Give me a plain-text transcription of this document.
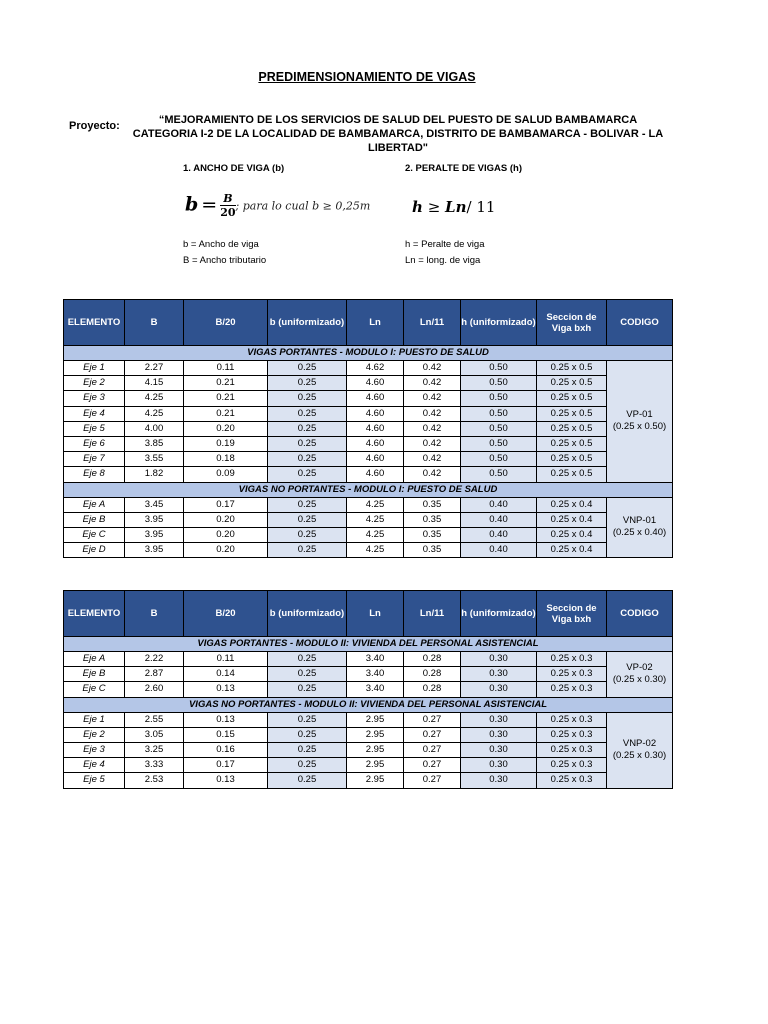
PREDIMENSIONAMIENTO DE VIGAS
Proyecto:	“MEJORAMIENTO DE LOS SERVICIOS DE SALUD DEL PUESTO DE SALUD BAMBAMARCA CATEGORIA I-2 DE LA LOCALIDAD DE BAMBAMARCA, DISTRITO DE BAMBAMARCA - BOLIVAR - LA LIBERTAD"
1. ANCHO DE VIGA (b)	2. PERALTE DE VIGAS (h)
$b = \frac{B}{20}$ ; para lo cual b ≥ 0,25m	h ≥ Ln/ 11
b = Ancho de viga
B = Ancho tributario
h = Peralte de viga
Ln = long. de viga
ELEMENTO	B	B/20	b (uniformizado)	Ln	Ln/11	h (uniformizado)	Seccion de Viga bxh	CODIGO
VIGAS PORTANTES - MODULO I: PUESTO DE SALUD								
Eje 1	2.27	0.11	0.25	4.62	0.42	0.50	0.25 x 0.5	VP-01
(0.25 x 0.50)
Eje 2	4.15	0.21	0.25	4.60	0.42	0.50	0.25 x 0.5	
Eje 3	4.25	0.21	0.25	4.60	0.42	0.50	0.25 x 0.5	
Eje 4	4.25	0.21	0.25	4.60	0.42	0.50	0.25 x 0.5	
Eje 5	4.00	0.20	0.25	4.60	0.42	0.50	0.25 x 0.5	
Eje 6	3.85	0.19	0.25	4.60	0.42	0.50	0.25 x 0.5	
Eje 7	3.55	0.18	0.25	4.60	0.42	0.50	0.25 x 0.5	
Eje 8	1.82	0.09	0.25	4.60	0.42	0.50	0.25 x 0.5	
VIGAS NO PORTANTES - MODULO I: PUESTO DE SALUD								
Eje A	3.45	0.17	0.25	4.25	0.35	0.40	0.25 x 0.4	VNP-01
(0.25 x 0.40)
Eje B	3.95	0.20	0.25	4.25	0.35	0.40	0.25 x 0.4	
Eje C	3.95	0.20	0.25	4.25	0.35	0.40	0.25 x 0.4	
Eje D	3.95	0.20	0.25	4.25	0.35	0.40	0.25 x 0.4	
ELEMENTO	B	B/20	b (uniformizado)	Ln	Ln/11	h (uniformizado)	Seccion de Viga bxh	CODIGO
VIGAS PORTANTES - MODULO II: VIVIENDA DEL PERSONAL ASISTENCIAL								
Eje A	2.22	0.11	0.25	3.40	0.28	0.30	0.25 x 0.3	VP-02
(0.25 x 0.30)
Eje B	2.87	0.14	0.25	3.40	0.28	0.30	0.25 x 0.3	
Eje C	2.60	0.13	0.25	3.40	0.28	0.30	0.25 x 0.3	
VIGAS NO PORTANTES - MODULO II: VIVIENDA DEL PERSONAL ASISTENCIAL								
Eje 1	2.55	0.13	0.25	2.95	0.27	0.30	0.25 x 0.3	VNP-02
(0.25 x 0.30)
Eje 2	3.05	0.15	0.25	2.95	0.27	0.30	0.25 x 0.3	
Eje 3	3.25	0.16	0.25	2.95	0.27	0.30	0.25 x 0.3	
Eje 4	3.33	0.17	0.25	2.95	0.27	0.30	0.25 x 0.3	
Eje 5	2.53	0.13	0.25	2.95	0.27	0.30	0.25 x 0.3	
